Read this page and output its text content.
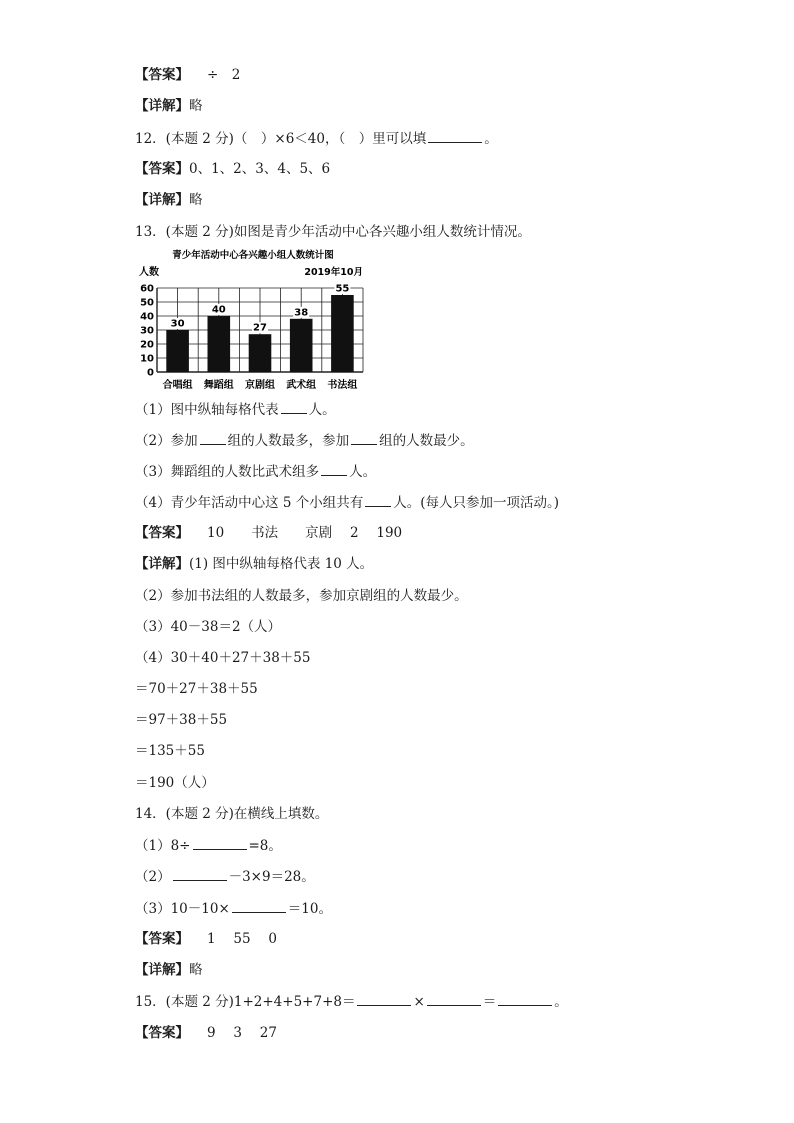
【答案】 ÷　2
【详解】略
12．(本题 2 分)（　）×6＜40，（　）里可以填	。
【答案】0、1、2、3、4、5、6
【详解】略
13．(本题 2 分)如图是青少年活动中心各兴趣小组人数统计情况。
青少年活动中心各兴趣小组人数统计图
人数	2019年10月
0
10
20
30
40
50
60
30
40
27
38
55
合唱组 舞蹈组 京剧组 武术组 书法组
（1）图中纵轴每格代表 人。
（2）参加 组的人数最多，参加 组的人数最少。
（3）舞蹈组的人数比武术组多 人。
（4）青少年活动中心这 5 个小组共有 人。(每人只参加一项活动。)
【答案】 10　　书法　　京剧　 2　 190
【详解】(1) 图中纵轴每格代表 10 人。
（2）参加书法组的人数最多，参加京剧组的人数最少。
（3）40－38＝2（人）
（4）30＋40＋27＋38＋55
＝70＋27＋38＋55
＝97＋38＋55
＝135＋55
＝190（人）
14．(本题 2 分)在横线上填数。
（1）8÷	=8。
（2）	－3×9＝28。
（3）10－10×	＝10。
【答案】 1　 55　 0
【详解】略
15．(本题 2 分)1+2+4+5+7+8＝	×	＝	。
【答案】 9　 3　 27
